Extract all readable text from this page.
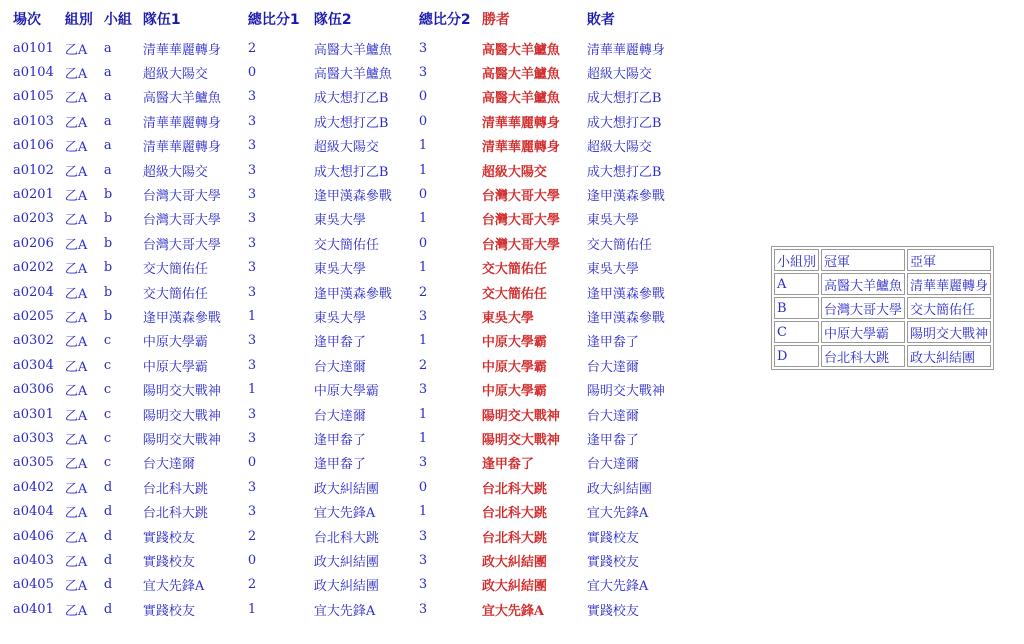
場次	組別	小組	隊伍1	總比分1	隊伍2	總比分2	勝者	敗者
a0101	乙A	a	清華華麗轉身	2	高醫大羊鱸魚	3	高醫大羊鱸魚	清華華麗轉身
a0104	乙A	a	超級大陽交	0	高醫大羊鱸魚	3	高醫大羊鱸魚	超級大陽交
a0105	乙A	a	高醫大羊鱸魚	3	成大想打乙B	0	高醫大羊鱸魚	成大想打乙B
a0103	乙A	a	清華華麗轉身	3	成大想打乙B	0	清華華麗轉身	成大想打乙B
a0106	乙A	a	清華華麗轉身	3	超級大陽交	1	清華華麗轉身	超級大陽交
a0102	乙A	a	超級大陽交	3	成大想打乙B	1	超級大陽交	成大想打乙B
a0201	乙A	b	台灣大哥大學	3	逢甲漢森參戰	0	台灣大哥大學	逢甲漢森參戰
a0203	乙A	b	台灣大哥大學	3	東吳大學	1	台灣大哥大學	東吳大學
a0206	乙A	b	台灣大哥大學	3	交大簡佑任	0	台灣大哥大學	交大簡佑任
a0202	乙A	b	交大簡佑任	3	東吳大學	1	交大簡佑任	東吳大學
a0204	乙A	b	交大簡佑任	3	逢甲漢森參戰	2	交大簡佑任	逢甲漢森參戰
a0205	乙A	b	逢甲漢森參戰	1	東吳大學	3	東吳大學	逢甲漢森參戰
a0302	乙A	c	中原大學霸	3	逢甲畚了	1	中原大學霸	逢甲畚了
a0304	乙A	c	中原大學霸	3	台大達爾	2	中原大學霸	台大達爾
a0306	乙A	c	陽明交大戰神	1	中原大學霸	3	中原大學霸	陽明交大戰神
a0301	乙A	c	陽明交大戰神	3	台大達爾	1	陽明交大戰神	台大達爾
a0303	乙A	c	陽明交大戰神	3	逢甲畚了	1	陽明交大戰神	逢甲畚了
a0305	乙A	c	台大達爾	0	逢甲畚了	3	逢甲畚了	台大達爾
a0402	乙A	d	台北科大跳	3	政大糾結團	0	台北科大跳	政大糾結團
a0404	乙A	d	台北科大跳	3	宜大先鋒A	1	台北科大跳	宜大先鋒A
a0406	乙A	d	實踐校友	2	台北科大跳	3	台北科大跳	實踐校友
a0403	乙A	d	實踐校友	0	政大糾結團	3	政大糾結團	實踐校友
a0405	乙A	d	宜大先鋒A	2	政大糾結團	3	政大糾結團	宜大先鋒A
a0401	乙A	d	實踐校友	1	宜大先鋒A	3	宜大先鋒A	實踐校友
小組別	冠軍	亞軍
A	高醫大羊鱸魚	清華華麗轉身
B	台灣大哥大學	交大簡佑任
C	中原大學霸	陽明交大戰神
D	台北科大跳	政大糾結團
